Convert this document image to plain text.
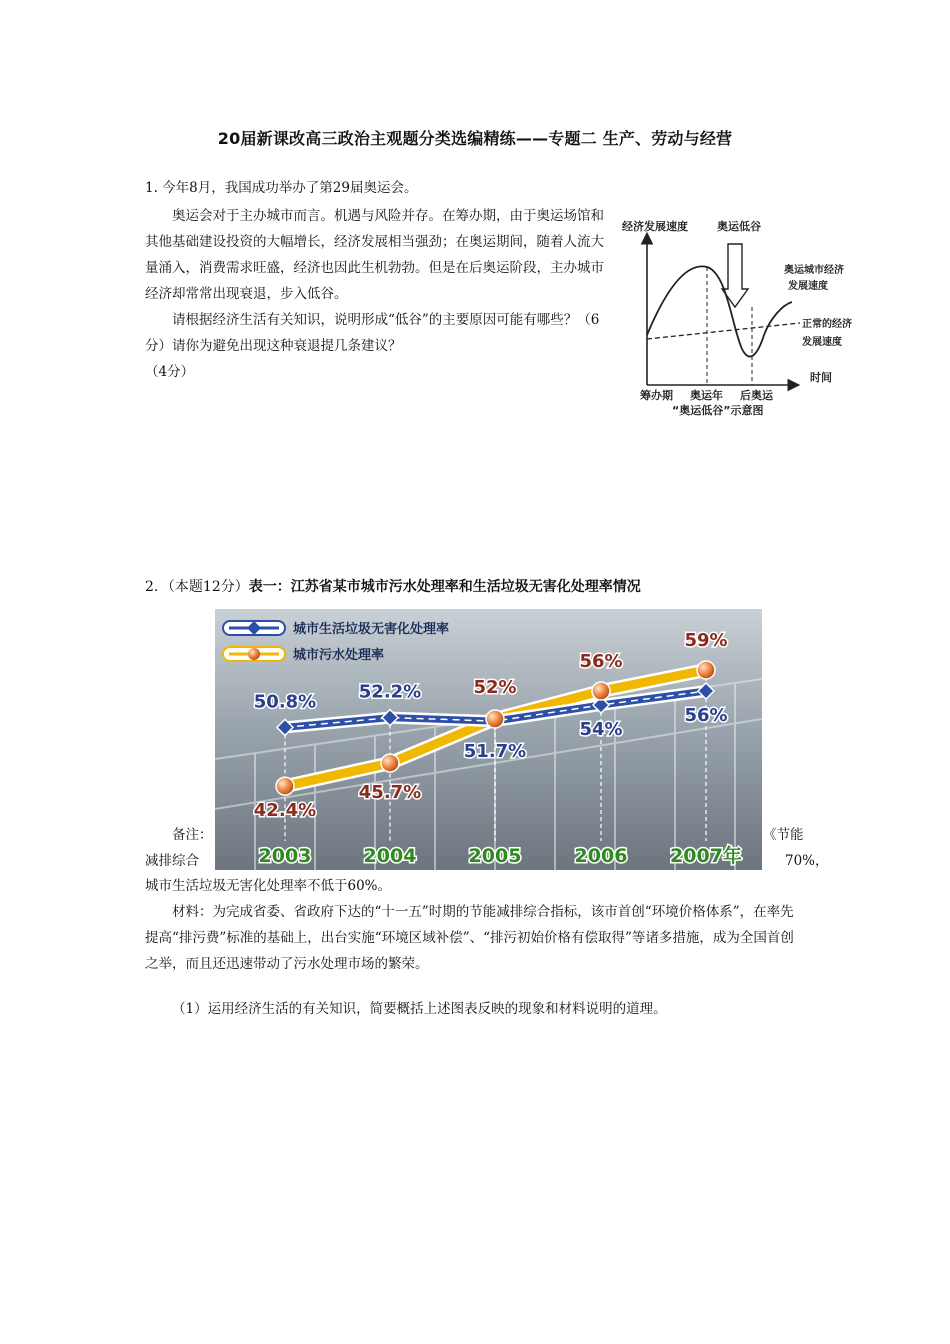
20届新课改高三政治主观题分类选编精练——专题二 生产、劳动与经营
1. 今年8月，我国成功举办了第29届奥运会。

奥运会对于主办城市而言。机遇与风险并存。在筹办期，由于奥运场馆和其他基础建设投资的大幅增长，经济发展相当强劲；在奥运期间，随着人流大量涌入，消费需求旺盛，经济也因此生机勃勃。但是在后奥运阶段，主办城市经济却常常出现衰退，步入低谷。

请根据经济生活有关知识，说明形成“低谷”的主要原因可能有哪些？（6分）请你为避免出现这种衰退提几条建议？

（4分）

经济发展速度	奥运低谷
奥运城市经济
发展速度
正常的经济
发展速度
时间
筹办期 奥运年 后奥运
“奥运低谷”示意图
2．（本题12分）表一：江苏省某市城市污水处理率和生活垃圾无害化处理率情况
城市生活垃圾无害化处理率
城市污水处理率
50.8% 52.2%
51.7%
54%
56%
42.4%
45.7%
52%
56%
59%
2003	2004	2005	2006 2007年
备注：	《节能
减排综合	70%，
城市生活垃圾无害化处理率不低于60%。

材料：为完成省委、省政府下达的“十一五”时期的节能减排综合指标，该市首创“环境价格体系”，在率先提高“排污费”标准的基础上，出台实施“环境区域补偿”、“排污初始价格有偿取得”等诸多措施，成为全国首创之举，而且还迅速带动了污水处理市场的繁荣。

（1）运用经济生活的有关知识，简要概括上述图表反映的现象和材料说明的道理。
